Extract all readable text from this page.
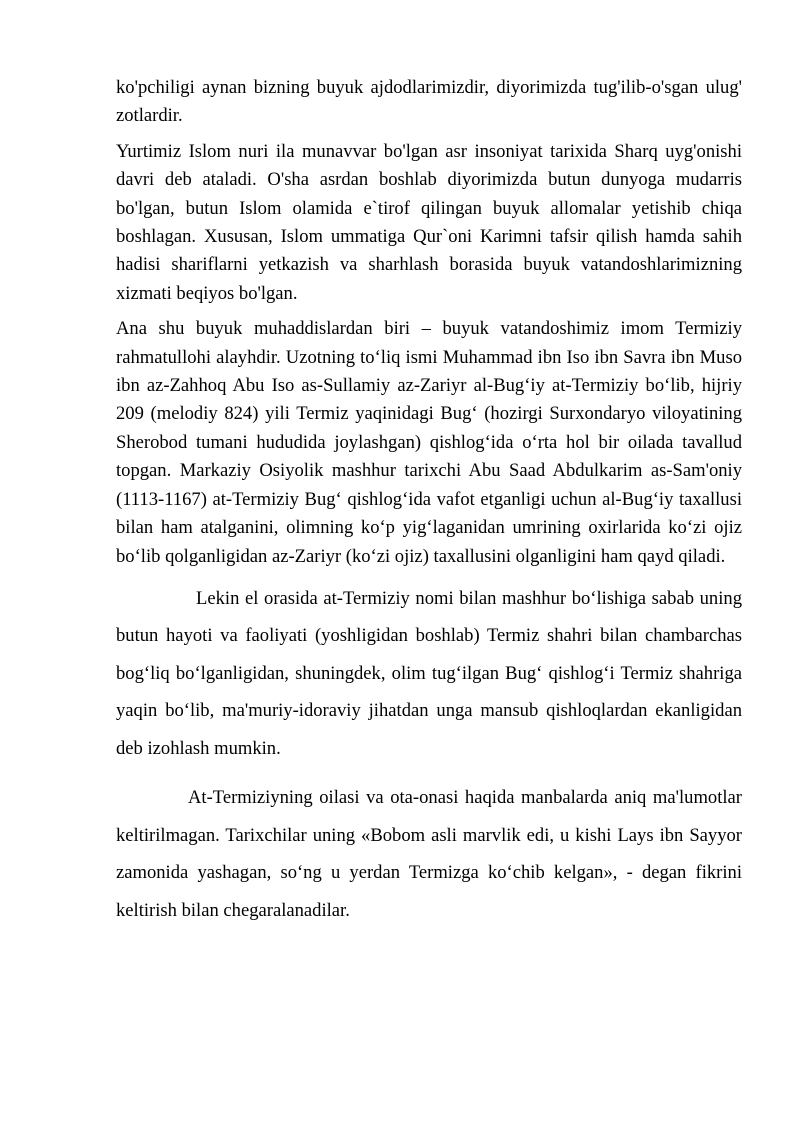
ko'pchiligi aynan bizning buyuk ajdodlarimizdir, diyorimizda tug'ilib-o'sgan ulug' zotlardir.

Yurtimiz Islom nuri ila munavvar bo'lgan asr insoniyat tarixida Sharq uyg'onishi davri deb ataladi. O'sha asrdan boshlab diyorimizda butun dunyoga mudarris bo'lgan, butun Islom olamida e`tirof qilingan buyuk allomalar yetishib chiqa boshlagan. Xususan, Islom ummatiga Qur`oni Karimni tafsir qilish hamda sahih hadisi shariflarni yetkazish va sharhlash borasida buyuk vatandoshlarimizning xizmati beqiyos bo'lgan.

Ana shu buyuk muhaddislardan biri – buyuk vatandoshimiz imom Termiziy rahmatullohi alayhdir. Uzotning to‘liq ismi Muhammad ibn Iso ibn Savra ibn Muso ibn az-Zahhoq Abu Iso as-Sullamiy az-Zariyr al-Bug‘iy at-Termiziy bo‘lib, hijriy 209 (melodiy 824) yili Termiz yaqinidagi Bug‘ (hozirgi Surxondaryo viloyatining Sherobod tumani hududida joylashgan) qishlog‘ida o‘rta hol bir oilada tavallud topgan. Markaziy Osiyolik mashhur tarixchi Abu Saad Abdulkarim as-Sam'oniy (1113-1167) at-Termiziy Bug‘ qishlog‘ida vafot etganligi uchun al-Bug‘iy taxallusi bilan ham atalganini, olimning ko‘p yig‘laganidan umrining oxirlarida ko‘zi ojiz bo‘lib qolganligidan az-Zariyr (ko‘zi ojiz) taxallusini olganligini ham qayd qiladi.

Lekin el orasida at-Termiziy nomi bilan mashhur bo‘lishiga sabab uning butun hayoti va faoliyati (yoshligidan boshlab) Termiz shahri bilan chambarchas bog‘liq bo‘lganligidan, shuningdek, olim tug‘ilgan Bug‘ qishlog‘i Termiz shahriga yaqin bo‘lib, ma'muriy-idoraviy jihatdan unga mansub qishloqlardan ekanligidan deb izohlash mumkin.

At-Termiziyning oilasi va ota-onasi haqida manbalarda aniq ma'lumotlar keltirilmagan. Tarixchilar uning «Bobom asli marvlik edi, u kishi Lays ibn Sayyor zamonida yashagan, so‘ng u yerdan Termizga ko‘chib kelgan», - degan fikrini keltirish bilan chegaralanadilar.
